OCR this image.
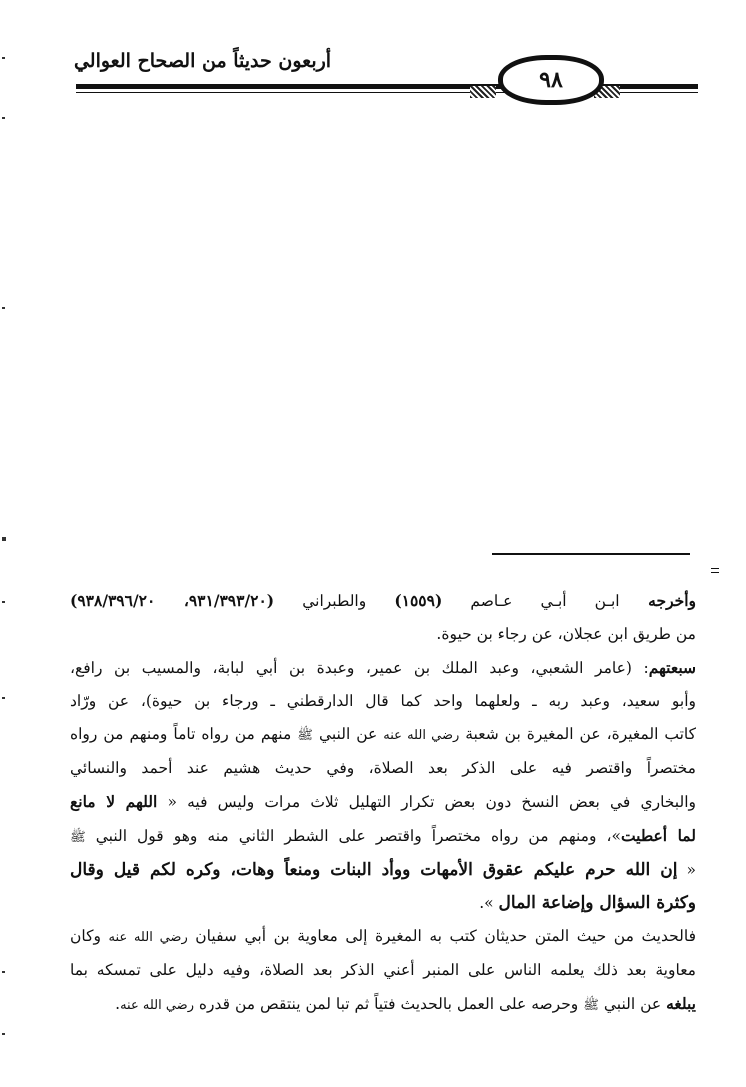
أربعون حديثاً من الصحاح العوالي
٩٨
وأخرجه ابـن أبـي عـاصم (١٥٥٩) والطبراني (٩٣١/٣٩٣/٢٠، ٩٣٨/٣٩٦/٢٠)
من طريق ابن عجلان، عن رجاء بن حيوة.
سبعتهم: (عامر الشعبي، وعبد الملك بن عمير، وعبدة بن أبي لبابة، والمسيب بن رافع،
وأبو سعيد، وعبد ربه ـ ولعلهما واحد كما قال الدارقطني ـ ورجاء بن حيوة)، عن ورّاد
كاتب المغيرة، عن المغيرة بن شعبة رضي الله عنه عن النبي ﷺ منهم من رواه تاماً ومنهم من رواه
مختصراً واقتصر فيه على الذكر بعد الصلاة، وفي حديث هشيم عند أحمد والنسائي
والبخاري في بعض النسخ دون بعض تكرار التهليل ثلاث مرات وليس فيه « اللهم لا مانع
لما أعطيت»، ومنهم من رواه مختصراً واقتصر على الشطر الثاني منه وهو قول النبي ﷺ
« إن الله حرم عليكم عقوق الأمهات ووأد البنات ومنعاً وهات، وكره لكم قيل وقال
وكثرة السؤال وإضاعة المال ».
فالحديث من حيث المتن حديثان كتب به المغيرة إلى معاوية بن أبي سفيان رضي الله عنه وكان
معاوية بعد ذلك يعلمه الناس على المنبر أعني الذكر بعد الصلاة، وفيه دليل على تمسكه بما
يبلغه عن النبي ﷺ وحرصه على العمل بالحديث فتياً ثم تبا لمن ينتقص من قدره رضي الله عنه.
